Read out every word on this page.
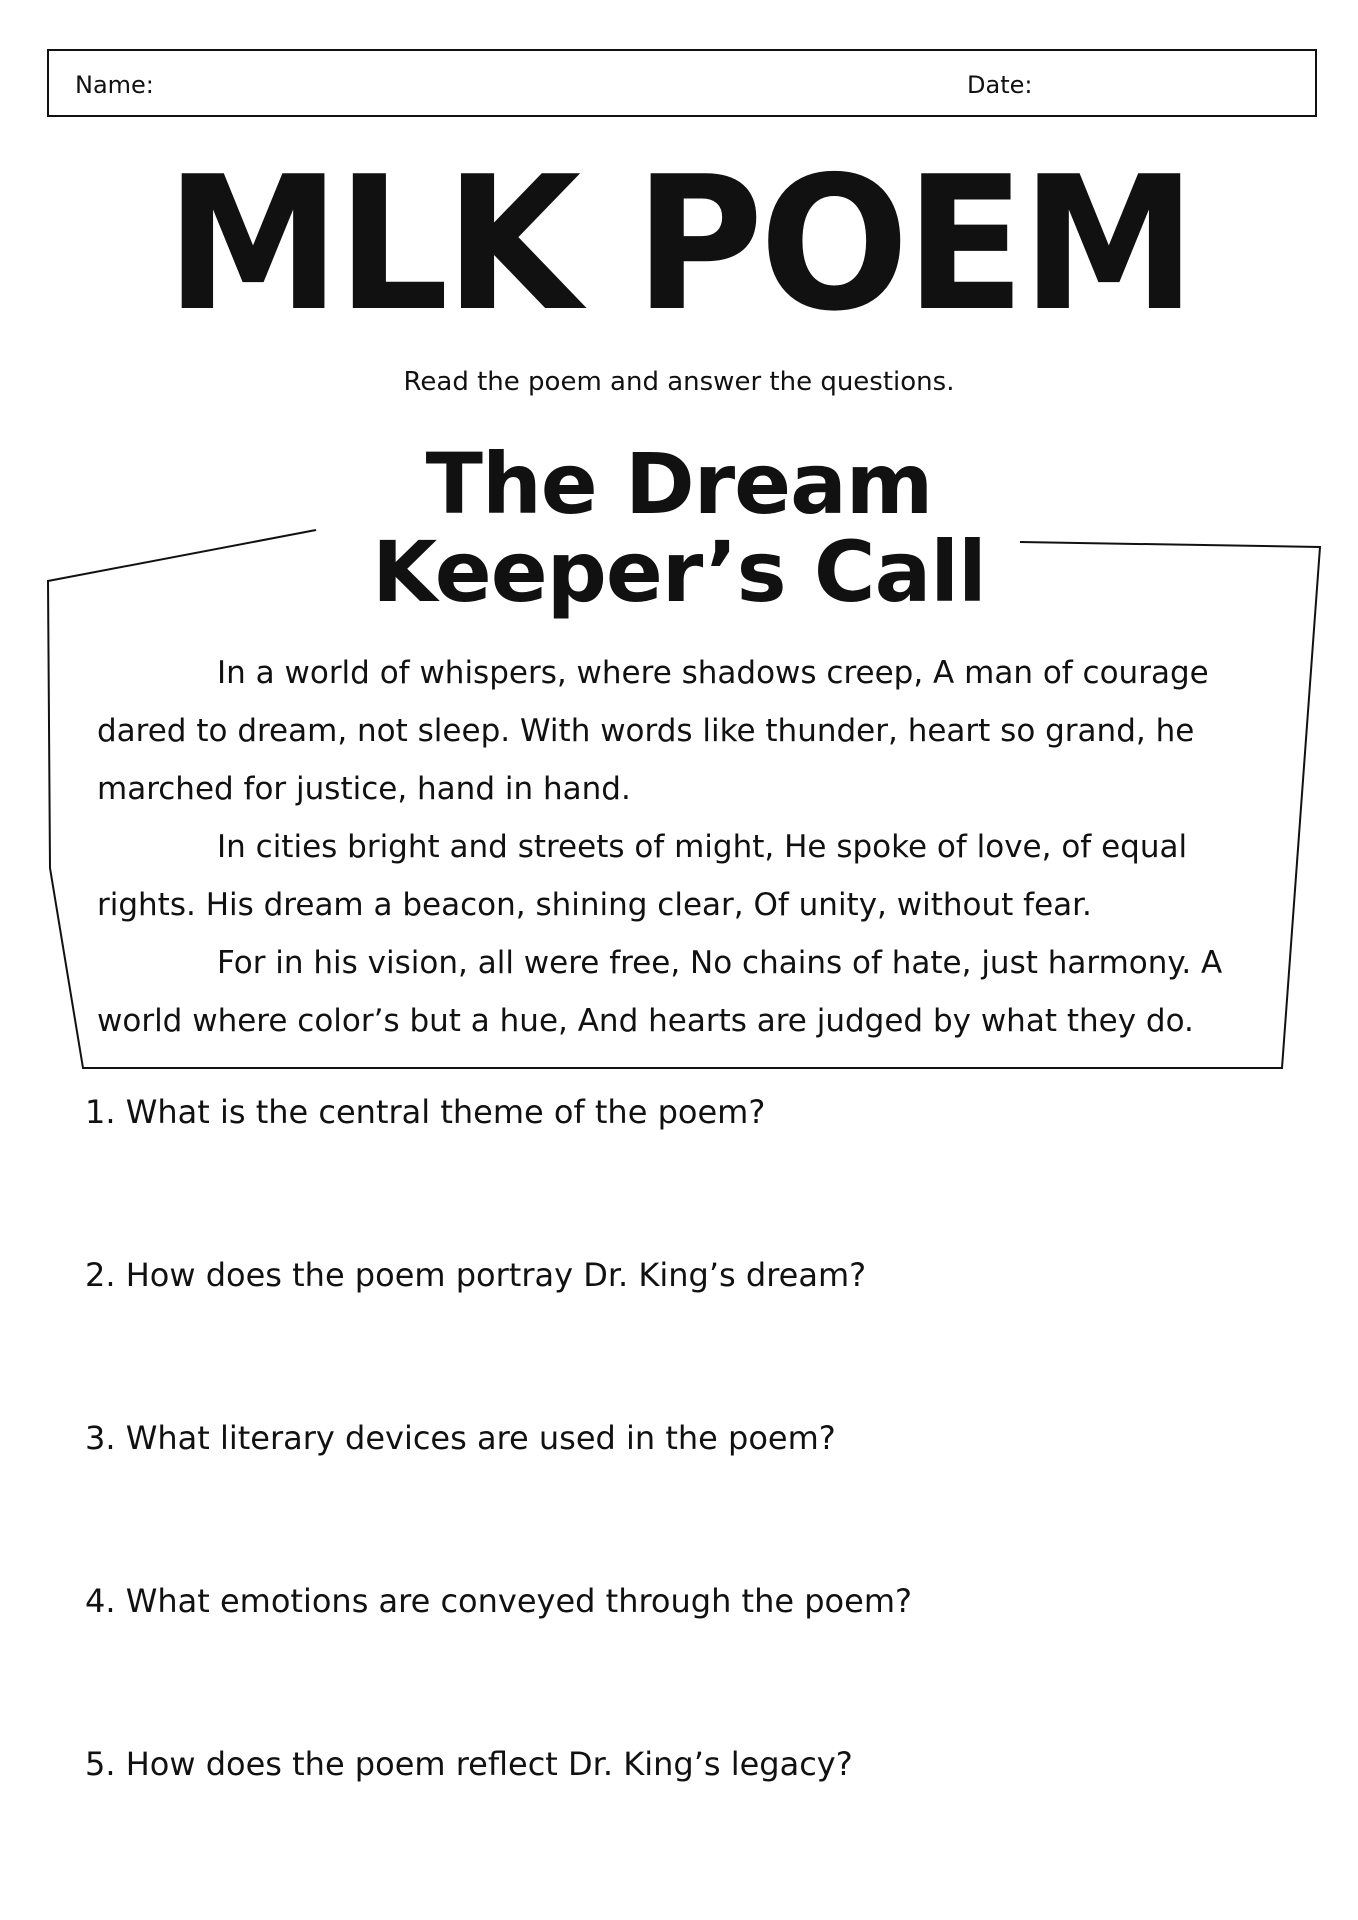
Name:	Date:
MLK POEM
Read the poem and answer the questions.
The Dream
Keeper’s Call

In a world of whispers, where shadows creep, A man of courage dared to dream, not sleep. With words like thunder, heart so grand, he marched for justice, hand in hand.

In cities bright and streets of might, He spoke of love, of equal rights. His dream a beacon, shining clear, Of unity, without fear.

For in his vision, all were free, No chains of hate, just harmony. A world where color’s but a hue, And hearts are judged by what they do.

1. What is the central theme of the poem?
2. How does the poem portray Dr. King’s dream?
3. What literary devices are used in the poem?
4. What emotions are conveyed through the poem?
5. How does the poem reflect Dr. King’s legacy?
